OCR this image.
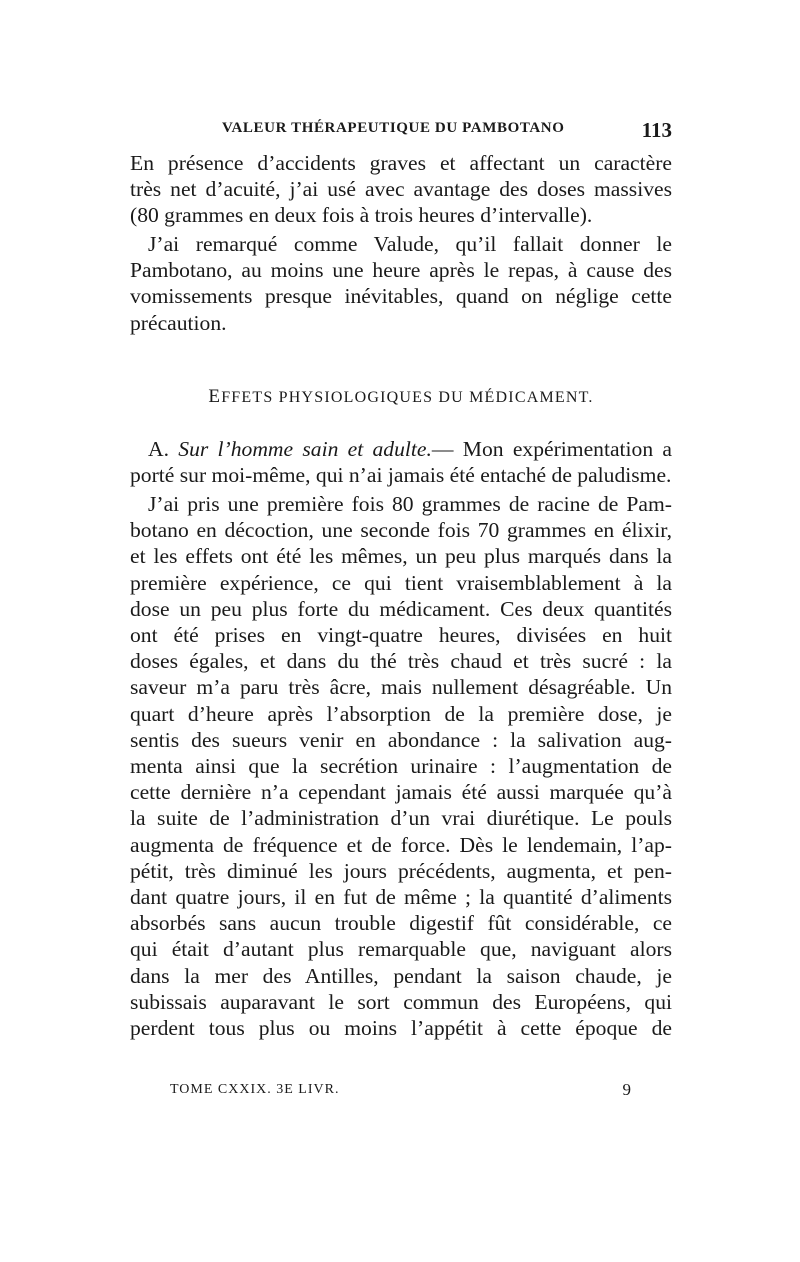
VALEUR THÉRAPEUTIQUE DU PAMBOTANO	113

En présence d’accidents graves et affectant un caractère
très net d’acuité, j’ai usé avec avantage des doses massives
(80 grammes en deux fois à trois heures d’intervalle).

J’ai remarqué comme Valude, qu’il fallait donner le
Pambotano, au moins une heure après le repas, à cause des
vomissements presque inévitables, quand on néglige cette
précaution.

EFFETS PHYSIOLOGIQUES DU MÉDICAMENT.

A. Sur l’homme sain et adulte.— Mon expérimentation a
porté sur moi-même, qui n’ai jamais été entaché de paludisme.

J’ai pris une première fois 80 grammes de racine de Pam-
botano en décoction, une seconde fois 70 grammes en élixir,
et les effets ont été les mêmes, un peu plus marqués dans la
première expérience, ce qui tient vraisemblablement à la
dose un peu plus forte du médicament. Ces deux quantités
ont été prises en vingt-quatre heures, divisées en huit
doses égales, et dans du thé très chaud et très sucré : la
saveur m’a paru très âcre, mais nullement désagréable. Un
quart d’heure après l’absorption de la première dose, je
sentis des sueurs venir en abondance : la salivation aug-
menta ainsi que la secrétion urinaire : l’augmentation de
cette dernière n’a cependant jamais été aussi marquée qu’à
la suite de l’administration d’un vrai diurétique. Le pouls
augmenta de fréquence et de force. Dès le lendemain, l’ap-
pétit, très diminué les jours précédents, augmenta, et pen-
dant quatre jours, il en fut de même ; la quantité d’aliments
absorbés sans aucun trouble digestif fût considérable, ce
qui était d’autant plus remarquable que, naviguant alors
dans la mer des Antilles, pendant la saison chaude, je
subissais auparavant le sort commun des Européens, qui
perdent tous plus ou moins l’appétit à cette époque de

TOME CXXIX. 3E LIVR.	9
